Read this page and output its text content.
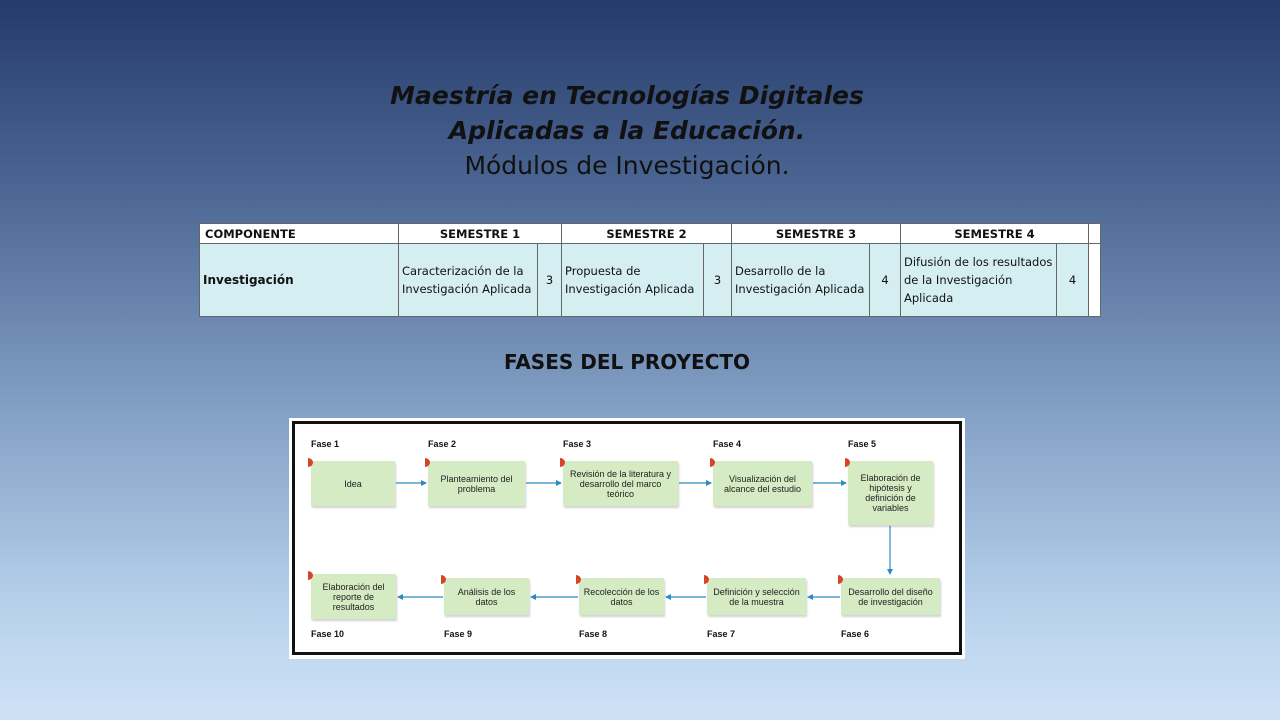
Maestría en Tecnologías Digitales
Aplicadas a la Educación.
Módulos de Investigación.
COMPONENTE	SEMESTRE 1		SEMESTRE 2		SEMESTRE 3		SEMESTRE 4		
Investigación	Caracterización de la Investigación Aplicada	3	Propuesta de Investigación Aplicada	3	Desarrollo de la Investigación Aplicada	4	Difusión de los resultados de la Investigación Aplicada	4	
FASES DEL PROYECTO
Fase 1
Idea
Fase 2
Planteamiento del problema
Fase 3
Revisión de la literatura y desarrollo del marco teórico
Fase 4
Visualización del alcance del estudio
Fase 5
Elaboración de hipótesis y definición de variables
Fase 6
Desarrollo del diseño de investigación
Fase 7
Definición y selección de la muestra
Fase 8
Recolección de los datos
Fase 9
Análisis de los datos
Fase 10
Elaboración del reporte de resultados
